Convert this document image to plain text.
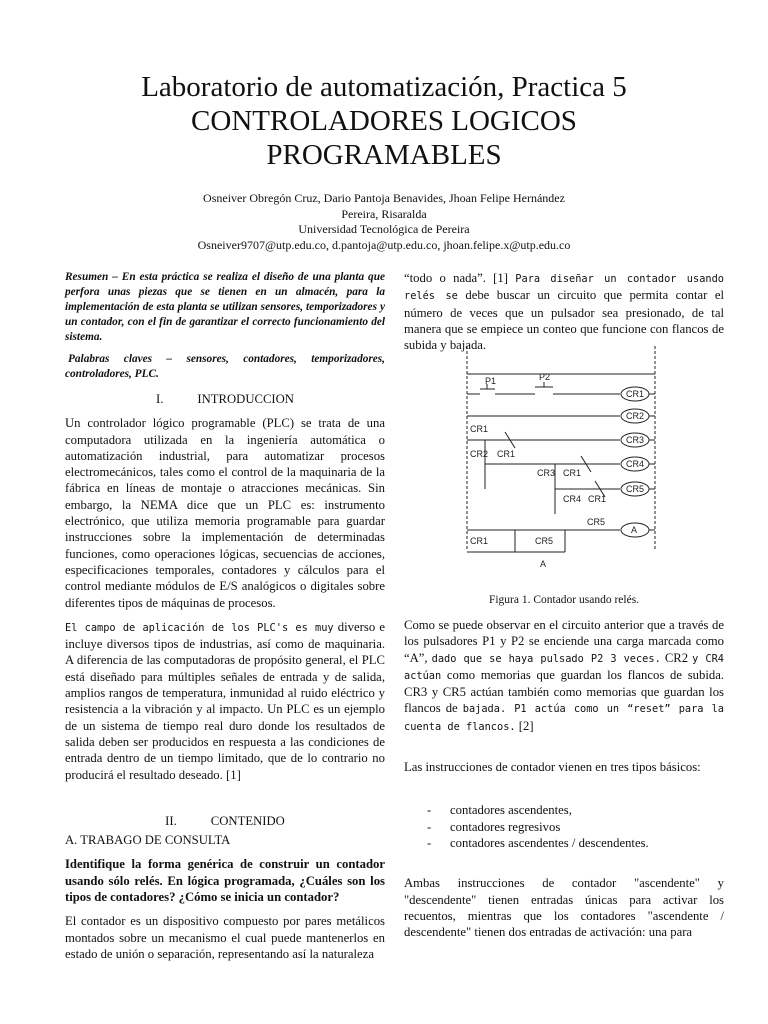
Laboratorio de automatización, Practica 5
CONTROLADORES LOGICOS
PROGRAMABLES
Osneiver Obregón Cruz, Dario Pantoja Benavides, Jhoan Felipe Hernández
Pereira, Risaralda
Universidad Tecnológica de Pereira
Osneiver9707@utp.edu.co, d.pantoja@utp.edu.co, jhoan.felipe.x@utp.edu.co

Resumen – En esta práctica se realiza el diseño de una planta que perfora unas piezas que se tienen en un almacén, para la implementación de esta planta se utilizan sensores, temporizadores y un contador, con el fin de garantizar el correcto funcionamiento del sistema.

Palabras claves – sensores, contadores, temporizadores, controladores, PLC.

I.	INTRODUCCION

Un controlador lógico programable (PLC) se trata de una computadora utilizada en la ingeniería automática o automatización industrial, para automatizar procesos electromecánicos, tales como el control de la maquinaria de la fábrica en líneas de montaje o atracciones mecánicas. Sin embargo, la NEMA dice que un PLC es: instrumento electrónico, que utiliza memoria programable para guardar instrucciones sobre la implementación de determinadas funciones, como operaciones lógicas, secuencias de acciones, especificaciones temporales, contadores y cálculos para el control mediante módulos de E/S analógicos o digitales sobre diferentes tipos de máquinas de procesos.

El campo de aplicación de los PLC's es muy diverso e incluye diversos tipos de industrias, así como de maquinaria. A diferencia de las computadoras de propósito general, el PLC está diseñado para múltiples señales de entrada y de salida, amplios rangos de temperatura, inmunidad al ruido eléctrico y resistencia a la vibración y al impacto. Un PLC es un ejemplo de un sistema de tiempo real duro donde los resultados de salida deben ser producidos en respuesta a las condiciones de entrada dentro de un tiempo limitado, que de lo contrario no producirá el resultado deseado. [1]

II.	CONTENIDO

A. TRABAGO DE CONSULTA

Identifique la forma genérica de construir un contador usando sólo relés. En lógica programada, ¿Cuáles son los tipos de contadores? ¿Cómo se inicia un contador?

El contador es un dispositivo compuesto por pares metálicos montados sobre un mecanismo el cual puede mantenerlos en estado de unión o separación, representando así la naturaleza

“todo o nada”. [1] Para diseñar un contador usando relés se debe buscar un circuito que permita contar el número de veces que un pulsador sea presionado, de tal manera que se empiece un conteo que funcione con flancos de subida y bajada.

P1	P2
CR1
CR2
CR1
CR3
CR2 CR1
CR4
CR3 CR1
CR5
CR4 CR1
CR5
A
CR1	CR5
A
Figura 1. Contador usando relés.

Como se puede observar en el circuito anterior que a través de los pulsadores P1 y P2 se enciende una carga marcada como “A”, dado que se haya pulsado P2 3 veces. CR2 y CR4 actúan como memorias que guardan los flancos de subida. CR3 y CR5 actúan también como memorias que guardan los flancos de bajada. P1 actúa como un “reset” para la cuenta de flancos. [2]

Las instrucciones de contador vienen en tres tipos básicos:

- contadores ascendentes,
- contadores regresivos
- contadores ascendentes / descendentes.

Ambas instrucciones de contador "ascendente" y "descendente" tienen entradas únicas para activar los recuentos, mientras que los contadores "ascendente / descendente" tienen dos entradas de activación: una para
